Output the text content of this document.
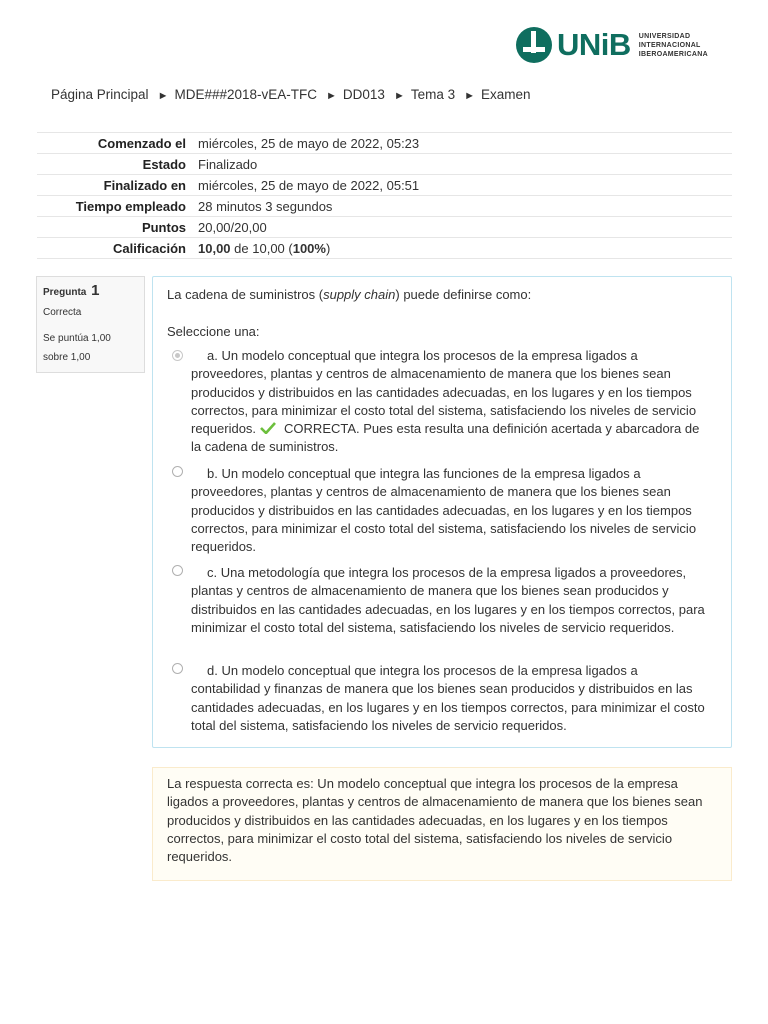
UNiB UNIVERSIDAD
INTERNACIONAL
IBEROAMERICANA
Página Principal ► MDE###2018-vEA-TFC ► DD013 ► Tema 3 ► Examen
Comenzado el	miércoles, 25 de mayo de 2022, 05:23
Estado	Finalizado
Finalizado en	miércoles, 25 de mayo de 2022, 05:51
Tiempo empleado	28 minutos 3 segundos
Puntos	20,00/20,00
Calificación	10,00 de 10,00 (100%)
Pregunta 1
Correcta
Se puntúa 1,00
sobre 1,00
La cadena de suministros (supply chain) puede definirse como:
Seleccione una:
a. Un modelo conceptual que integra los procesos de la empresa ligados a proveedores, plantas y centros de almacenamiento de manera que los bienes sean producidos y distribuidos en las cantidades adecuadas, en los lugares y en los tiempos correctos, para minimizar el costo total del sistema, satisfaciendo los niveles de servicio requeridos. CORRECTA. Pues esta resulta una definición acertada y abarcadora de la cadena de suministros.
b. Un modelo conceptual que integra las funciones de la empresa ligados a proveedores, plantas y centros de almacenamiento de manera que los bienes sean producidos y distribuidos en las cantidades adecuadas, en los lugares y en los tiempos correctos, para minimizar el costo total del sistema, satisfaciendo los niveles de servicio requeridos.
c. Una metodología que integra los procesos de la empresa ligados a proveedores, plantas y centros de almacenamiento de manera que los bienes sean producidos y distribuidos en las cantidades adecuadas, en los lugares y en los tiempos correctos, para minimizar el costo total del sistema, satisfaciendo los niveles de servicio requeridos.
d. Un modelo conceptual que integra los procesos de la empresa ligados a contabilidad y finanzas de manera que los bienes sean producidos y distribuidos en las cantidades adecuadas, en los lugares y en los tiempos correctos, para minimizar el costo total del sistema, satisfaciendo los niveles de servicio requeridos.
La respuesta correcta es: Un modelo conceptual que integra los procesos de la empresa ligados a proveedores, plantas y centros de almacenamiento de manera que los bienes sean producidos y distribuidos en las cantidades adecuadas, en los lugares y en los tiempos correctos, para minimizar el costo total del sistema, satisfaciendo los niveles de servicio requeridos.
